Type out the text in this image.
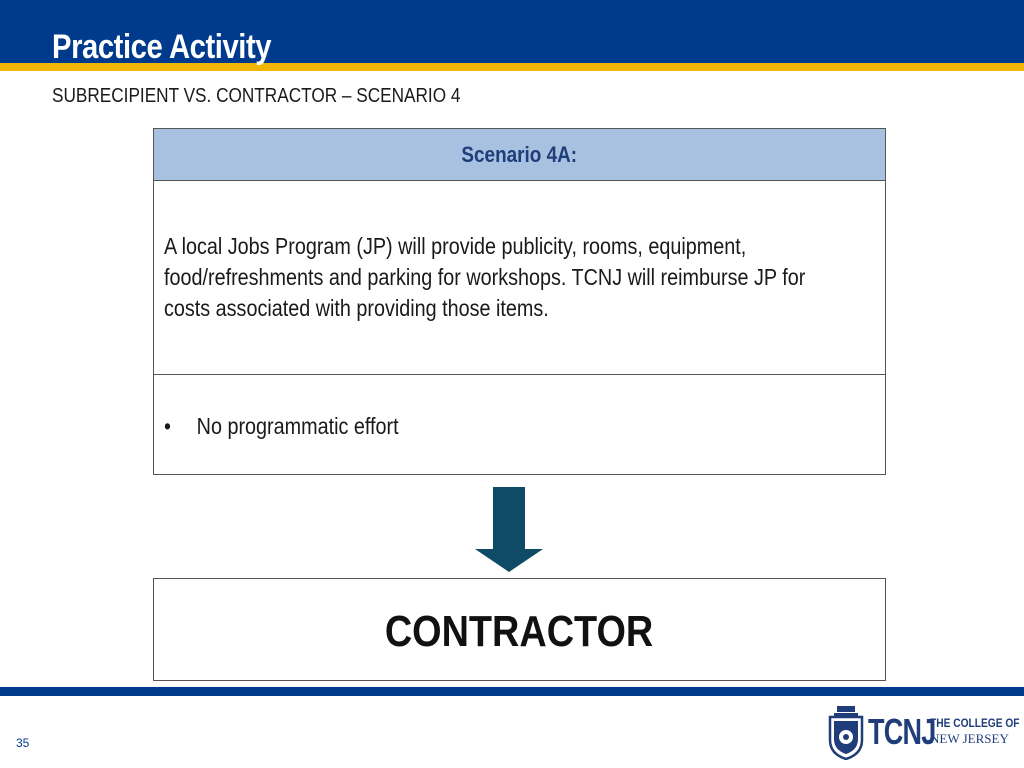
Practice Activity

SUBRECIPIENT VS. CONTRACTOR – SCENARIO 4

Scenario 4A:

A local Jobs Program (JP) will provide publicity, rooms, equipment, food/refreshments and parking for workshops. TCNJ will reimburse JP for costs associated with providing those items.

• No programmatic effort

CONTRACTOR

35	TCNJ
THE COLLEGE OF
NEW JERSEY
